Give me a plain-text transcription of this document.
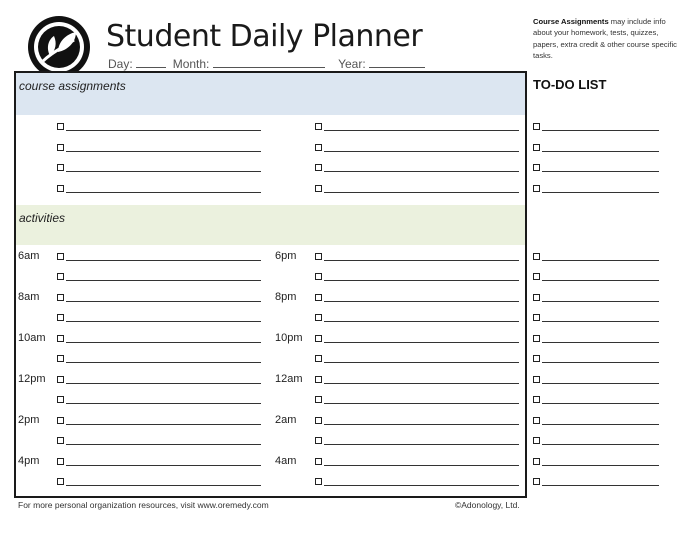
Student Daily Planner
Day:	Month:	Year:
Course Assignments may include info about your homework, tests, quizzes, papers, extra credit & other course specific tasks.
course assignments
activities
TO-DO LIST
6am	6pm
8am	8pm
10am	10pm
12pm	12am
2pm	2am
4pm	4am
For more personal organization resources, visit www.oremedy.com	©Adonology, Ltd.
